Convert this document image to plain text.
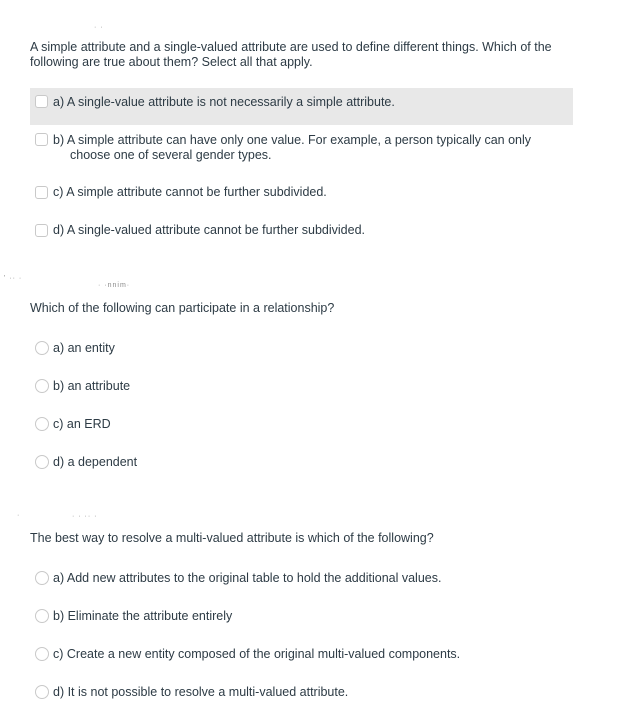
· ·
A simple attribute and a single-valued attribute are used to define different things. Which of the following are true about them? Select all that apply.
a) A single-value attribute is not necessarily a simple attribute.
b) A simple attribute can have only one value. For example, a person typically can only
choose one of several gender types.
c) A simple attribute cannot be further subdivided.
d) A single-valued attribute cannot be further subdivided.
' ·· ·
· ·nnim·
Which of the following can participate in a relationship?
a) an entity
b) an attribute
c) an ERD
d) a dependent
·	· · ·· ·
The best way to resolve a multi-valued attribute is which of the following?
a) Add new attributes to the original table to hold the additional values.
b) Eliminate the attribute entirely
c) Create a new entity composed of the original multi-valued components.
d) It is not possible to resolve a multi-valued attribute.
